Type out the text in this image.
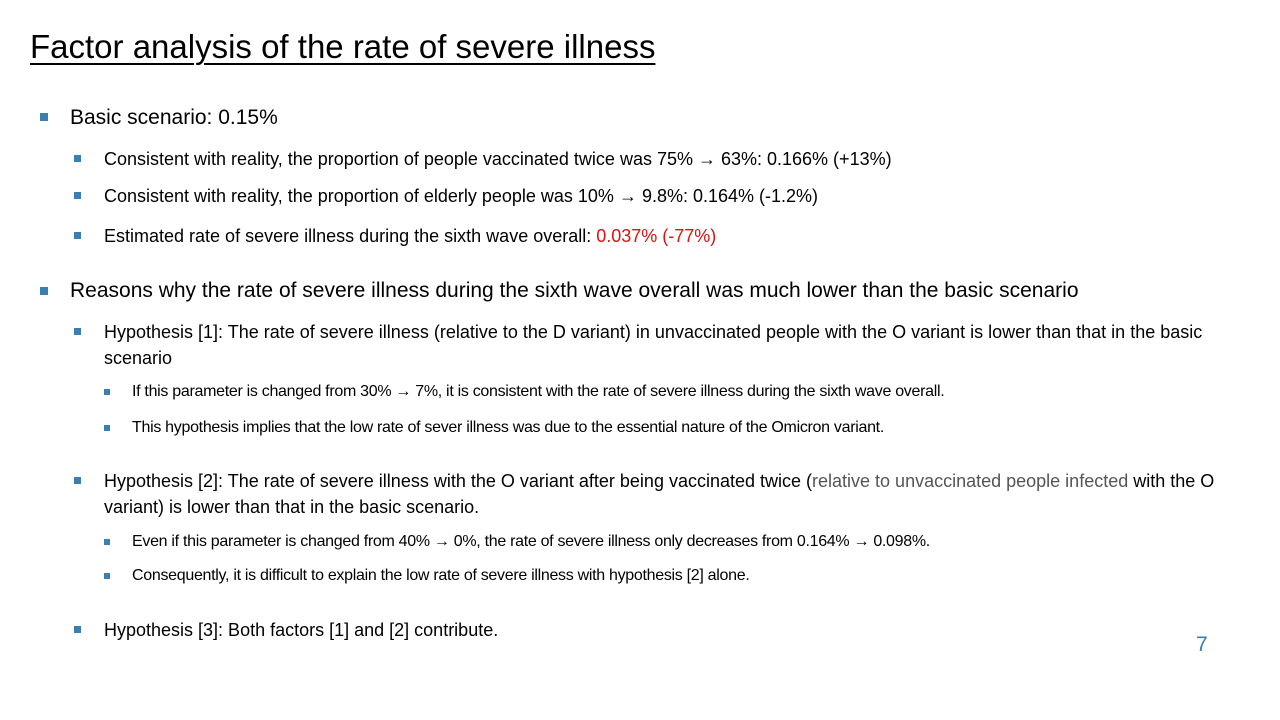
Factor analysis of the rate of severe illness
Basic scenario: 0.15%
Consistent with reality, the proportion of people vaccinated twice was 75% → 63%: 0.166% (+13%)
Consistent with reality, the proportion of elderly people was 10% → 9.8%: 0.164% (-1.2%)
Estimated rate of severe illness during the sixth wave overall: 0.037% (-77%)
Reasons why the rate of severe illness during the sixth wave overall was much lower than the basic scenario
Hypothesis [1]: The rate of severe illness (relative to the D variant) in unvaccinated people with the O variant is lower than that in the basic scenario
If this parameter is changed from 30% → 7%, it is consistent with the rate of severe illness during the sixth wave overall.
This hypothesis implies that the low rate of sever illness was due to the essential nature of the Omicron variant.
Hypothesis [2]: The rate of severe illness with the O variant after being vaccinated twice (relative to unvaccinated people infected with the O variant) is lower than that in the basic scenario.
Even if this parameter is changed from 40% → 0%, the rate of severe illness only decreases from 0.164% → 0.098%.
Consequently, it is difficult to explain the low rate of severe illness with hypothesis [2] alone.
Hypothesis [3]: Both factors [1] and [2] contribute.
7
